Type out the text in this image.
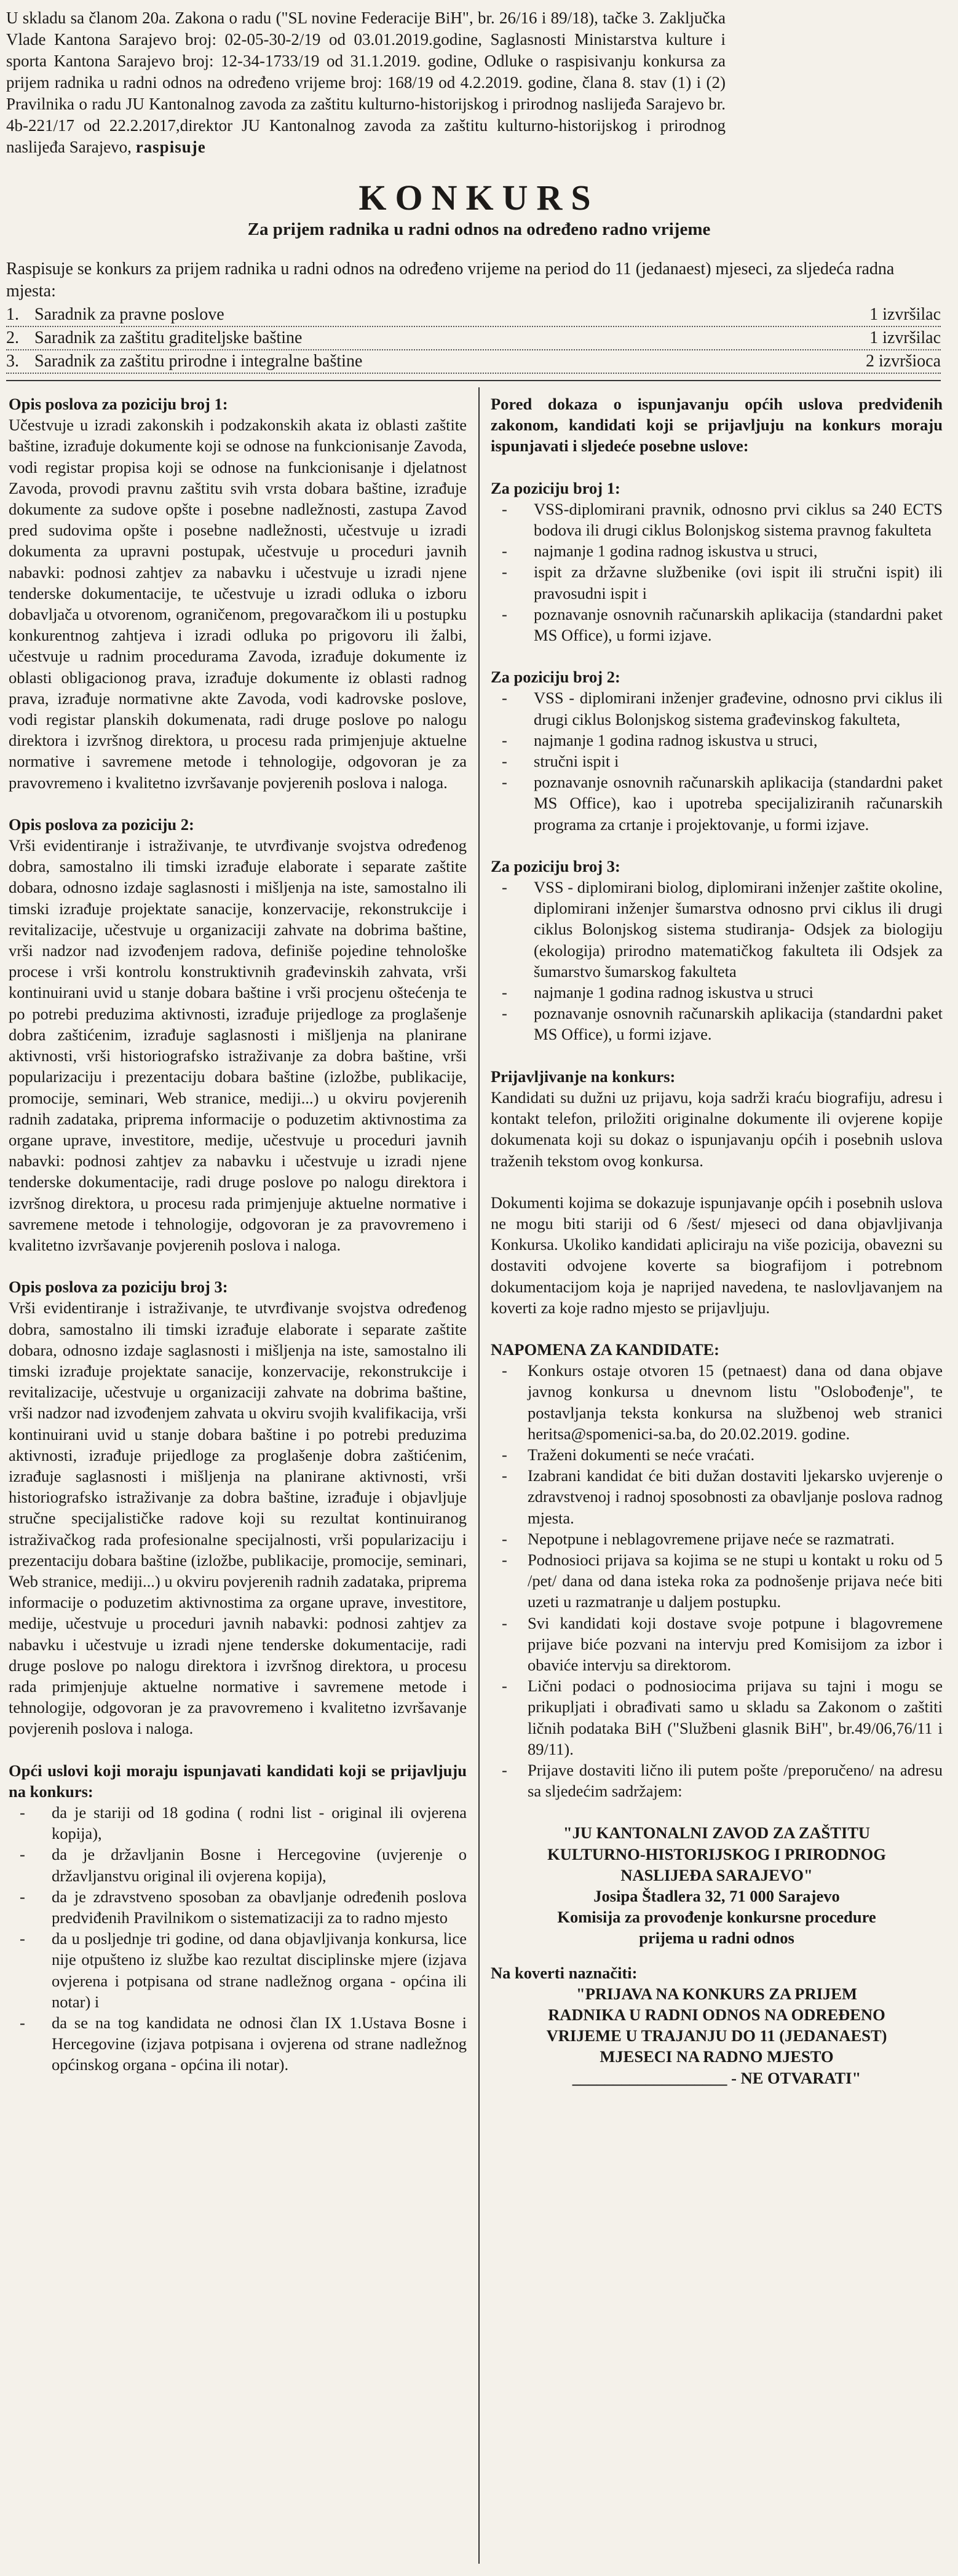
U skladu sa članom 20a. Zakona o radu ("SL novine Federacije BiH", br. 26/16 i 89/18), tačke 3. Zaključka Vlade Kantona Sarajevo broj: 02-05-30-2/19 od 03.01.2019.godine, Saglasnosti Ministarstva kulture i sporta Kantona Sarajevo broj: 12-34-1733/19 od 31.1.2019. godine, Odluke o raspisivanju konkursa za prijem radnika u radni odnos na određeno vrijeme broj: 168/19 od 4.2.2019. godine, člana 8. stav (1) i (2) Pravilnika o radu JU Kantonalnog zavoda za zaštitu kulturno-historijskog i prirodnog naslijeđa Sarajevo br. 4b-221/17 od 22.2.2017,direktor JU Kantonalnog zavoda za zaštitu kulturno-historijskog i prirodnog naslijeđa Sarajevo, raspisuje

KONKURS
Za prijem radnika u radni odnos na određeno radno vrijeme

Raspisuje se konkurs za prijem radnika u radni odnos na određeno vrijeme na period do 11 (jedanaest) mjeseci, za sljedeća radna mjesta:

1. Saradnik za pravne poslove	1 izvršilac
2. Saradnik za zaštitu graditeljske baštine	1 izvršilac
3. Saradnik za zaštitu prirodne i integralne baštine	2 izvršioca

Opis poslova za poziciju broj 1:

Učestvuje u izradi zakonskih i podzakonskih akata iz oblasti zaštite baštine, izrađuje dokumente koji se odnose na funkcionisanje Zavoda, vodi registar propisa koji se odnose na funkcionisanje i djelatnost Zavoda, provodi pravnu zaštitu svih vrsta dobara baštine, izrađuje dokumente za sudove opšte i posebne nadležnosti, zastupa Zavod pred sudovima opšte i posebne nadležnosti, učestvuje u izradi dokumenta za upravni postupak, učestvuje u proceduri javnih nabavki: podnosi zahtjev za nabavku i učestvuje u izradi njene tenderske dokumentacije, te učestvuje u izradi odluka o izboru dobavljača u otvorenom, ograničenom, pregovaračkom ili u postupku konkurentnog zahtjeva i izradi odluka po prigovoru ili žalbi, učestvuje u radnim procedurama Zavoda, izrađuje dokumente iz oblasti obligacionog prava, izrađuje dokumente iz oblasti radnog prava, izrađuje normativne akte Zavoda, vodi kadrovske poslove, vodi registar planskih dokumenata, radi druge poslove po nalogu direktora i izvršnog direktora, u procesu rada primjenjuje aktuelne normative i savremene metode i tehnologije, odgovoran je za pravovremeno i kvalitetno izvršavanje povjerenih poslova i naloga.

Opis poslova za poziciju 2:

Vrši evidentiranje i istraživanje, te utvrđivanje svojstva određenog dobra, samostalno ili timski izrađuje elaborate i separate zaštite dobara, odnosno izdaje saglasnosti i mišljenja na iste, samostalno ili timski izrađuje projektate sanacije, konzervacije, rekonstrukcije i revitalizacije, učestvuje u organizaciji zahvate na dobrima baštine, vrši nadzor nad izvođenjem radova, definiše pojedine tehnološke procese i vrši kontrolu konstruktivnih građevinskih zahvata, vrši kontinuirani uvid u stanje dobara baštine i vrši procjenu oštećenja te po potrebi preduzima aktivnosti, izrađuje prijedloge za proglašenje dobra zaštićenim, izrađuje saglasnosti i mišljenja na planirane aktivnosti, vrši historiografsko istraživanje za dobra baštine, vrši popularizaciju i prezentaciju dobara baštine (izložbe, publikacije, promocije, seminari, Web stranice, mediji...) u okviru povjerenih radnih zadataka, priprema informacije o poduzetim aktivnostima za organe uprave, investitore, medije, učestvuje u proceduri javnih nabavki: podnosi zahtjev za nabavku i učestvuje u izradi njene tenderske dokumentacije, radi druge poslove po nalogu direktora i izvršnog direktora, u procesu rada primjenjuje aktuelne normative i savremene metode i tehnologije, odgovoran je za pravovremeno i kvalitetno izvršavanje povjerenih poslova i naloga.

Opis poslova za poziciju broj 3:

Vrši evidentiranje i istraživanje, te utvrđivanje svojstva određenog dobra, samostalno ili timski izrađuje elaborate i separate zaštite dobara, odnosno izdaje saglasnosti i mišljenja na iste, samostalno ili timski izrađuje projektate sanacije, konzervacije, rekonstrukcije i revitalizacije, učestvuje u organizaciji zahvate na dobrima baštine, vrši nadzor nad izvođenjem zahvata u okviru svojih kvalifikacija, vrši kontinuirani uvid u stanje dobara baštine i po potrebi preduzima aktivnosti, izrađuje prijedloge za proglašenje dobra zaštićenim, izrađuje saglasnosti i mišljenja na planirane aktivnosti, vrši historiografsko istraživanje za dobra baštine, izrađuje i objavljuje stručne specijalističke radove koji su rezultat kontinuiranog istraživačkog rada profesionalne specijalnosti, vrši popularizaciju i prezentaciju dobara baštine (izložbe, publikacije, promocije, seminari, Web stranice, mediji...) u okviru povjerenih radnih zadataka, priprema informacije o poduzetim aktivnostima za organe uprave, investitore, medije, učestvuje u proceduri javnih nabavki: podnosi zahtjev za nabavku i učestvuje u izradi njene tenderske dokumentacije, radi druge poslove po nalogu direktora i izvršnog direktora, u procesu rada primjenjuje aktuelne normative i savremene metode i tehnologije, odgovoran je za pravovremeno i kvalitetno izvršavanje povjerenih poslova i naloga.

Opći uslovi koji moraju ispunjavati kandidati koji se prijavljuju na konkurs:

- da je stariji od 18 godina ( rodni list - original ili ovjerena kopija),
- da je državljanin Bosne i Hercegovine (uvjerenje o državljanstvu original ili ovjerena kopija),
- da je zdravstveno sposoban za obavljanje određenih poslova predviđenih Pravilnikom o sistematizaciji za to radno mjesto
- da u posljednje tri godine, od dana objavljivanja konkursa, lice nije otpušteno iz službe kao rezultat disciplinske mjere (izjava ovjerena i potpisana od strane nadležnog organa - općina ili notar) i
- da se na tog kandidata ne odnosi član IX 1.Ustava Bosne i Hercegovine (izjava potpisana i ovjerena od strane nadležnog općinskog organa - općina ili notar).

Pored dokaza o ispunjavanju općih uslova predviđenih zakonom, kandidati koji se prijavljuju na konkurs moraju ispunjavati i sljedeće posebne uslove:

Za poziciju broj 1:

- VSS-diplomirani pravnik, odnosno prvi ciklus sa 240 ECTS bodova ili drugi ciklus Bolonjskog sistema pravnog fakulteta
- najmanje 1 godina radnog iskustva u struci,
- ispit za državne službenike (ovi ispit ili stručni ispit) ili pravosudni ispit i
- poznavanje osnovnih računarskih aplikacija (standardni paket MS Office), u formi izjave.

Za poziciju broj 2:

- VSS - diplomirani inženjer građevine, odnosno prvi ciklus ili drugi ciklus Bolonjskog sistema građevinskog fakulteta,
- najmanje 1 godina radnog iskustva u struci,
- stručni ispit i
- poznavanje osnovnih računarskih aplikacija (standardni paket MS Office), kao i upotreba specijaliziranih računarskih programa za crtanje i projektovanje, u formi izjave.

Za poziciju broj 3:

- VSS - diplomirani biolog, diplomirani inženjer zaštite okoline, diplomirani inženjer šumarstva odnosno prvi ciklus ili drugi ciklus Bolonjskog sistema studiranja- Odsjek za biologiju (ekologija) prirodno matematičkog fakulteta ili Odsjek za šumarstvo šumarskog fakulteta
- najmanje 1 godina radnog iskustva u struci
- poznavanje osnovnih računarskih aplikacija (standardni paket MS Office), u formi izjave.

Prijavljivanje na konkurs:

Kandidati su dužni uz prijavu, koja sadrži kraću biografiju, adresu i kontakt telefon, priložiti originalne dokumente ili ovjerene kopije dokumenata koji su dokaz o ispunjavanju općih i posebnih uslova traženih tekstom ovog konkursa.

Dokumenti kojima se dokazuje ispunjavanje općih i posebnih uslova ne mogu biti stariji od 6 /šest/ mjeseci od dana objavljivanja Konkursa. Ukoliko kandidati apliciraju na više pozicija, obavezni su dostaviti odvojene koverte sa biografijom i potrebnom dokumentacijom koja je naprijed navedena, te naslovljavanjem na koverti za koje radno mjesto se prijavljuju.

NAPOMENA ZA KANDIDATE:

- Konkurs ostaje otvoren 15 (petnaest) dana od dana objave javnog konkursa u dnevnom listu "Oslobođenje", te postavljanja teksta konkursa na službenoj web stranici heritsa@spomenici-sa.ba, do 20.02.2019. godine.
- Traženi dokumenti se neće vraćati.
- Izabrani kandidat će biti dužan dostaviti ljekarsko uvjerenje o zdravstvenoj i radnoj sposobnosti za obavljanje poslova radnog mjesta.
- Nepotpune i neblagovremene prijave neće se razmatrati.
- Podnosioci prijava sa kojima se ne stupi u kontakt u roku od 5 /pet/ dana od dana isteka roka za podnošenje prijava neće biti uzeti u razmatranje u daljem postupku.
- Svi kandidati koji dostave svoje potpune i blagovremene prijave biće pozvani na intervju pred Komisijom za izbor i obaviće intervju sa direktorom.
- Lični podaci o podnosiocima prijava su tajni i mogu se prikupljati i obrađivati samo u skladu sa Zakonom o zaštiti ličnih podataka BiH ("Službeni glasnik BiH", br.49/06,76/11 i 89/11).
- Prijave dostaviti lično ili putem pošte /preporučeno/ na adresu sa sljedećim sadržajem:
"JU KANTONALNI ZAVOD ZA ZAŠTITU
KULTURNO-HISTORIJSKOG I PRIRODNOG
NASLIJEĐA SARAJEVO"
Josipa Štadlera 32, 71 000 Sarajevo
Komisija za provođenje konkursne procedure
prijema u radni odnos

Na koverti naznačiti:

"PRIJAVA NA KONKURS ZA PRIJEM
RADNIKA U RADNI ODNOS NA ODREĐENO
VRIJEME U TRAJANJU DO 11 (JEDANAEST)
MJESECI NA RADNO MJESTO
___________________ - NE OTVARATI"
